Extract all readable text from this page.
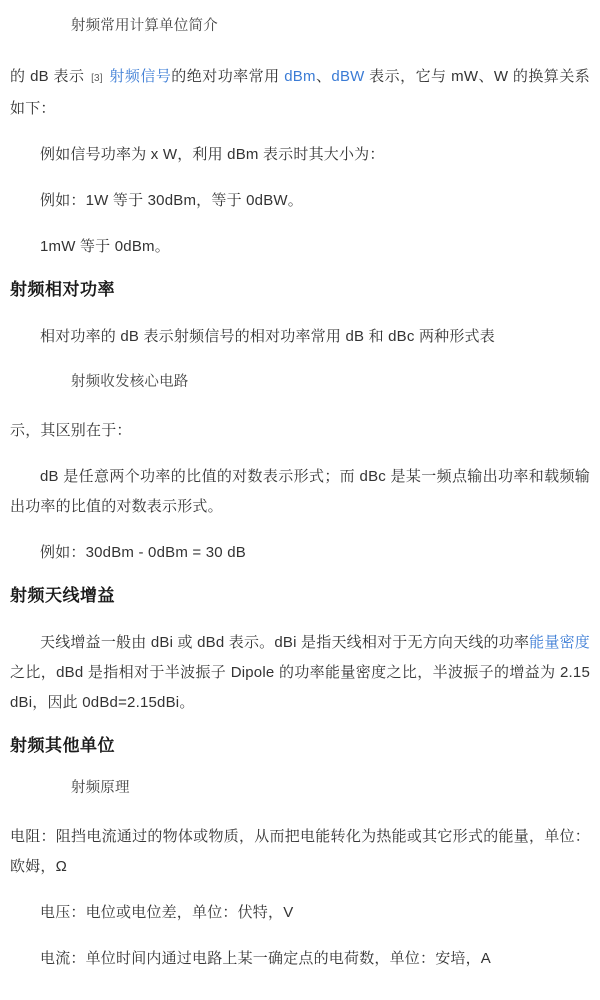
射频常用计算单位简介

的 dB 表示 [3] 射频信号的绝对功率常用 dBm、dBW 表示，它与 mW、W 的换算关系如下：

例如信号功率为 x W，利用 dBm 表示时其大小为：

例如：1W 等于 30dBm，等于 0dBW。

1mW 等于 0dBm。

射频相对功率

相对功率的 dB 表示射频信号的相对功率常用 dB 和 dBc 两种形式表

射频收发核心电路

示，其区别在于：

dB 是任意两个功率的比值的对数表示形式；而 dBc 是某一频点输出功率和载频输出功率的比值的对数表示形式。

例如：30dBm - 0dBm = 30 dB

射频天线增益

天线增益一般由 dBi 或 dBd 表示。dBi 是指天线相对于无方向天线的功率能量密度之比，dBd 是指相对于半波振子 Dipole 的功率能量密度之比，半波振子的增益为 2.15dBi，因此 0dBd=2.15dBi。

射频其他单位

射频原理

电阻：阻挡电流通过的物体或物质，从而把电能转化为热能或其它形式的能量，单位：欧姆，Ω

电压：电位或电位差，单位：伏特，V

电流：单位时间内通过电路上某一确定点的电荷数，单位：安培，A
